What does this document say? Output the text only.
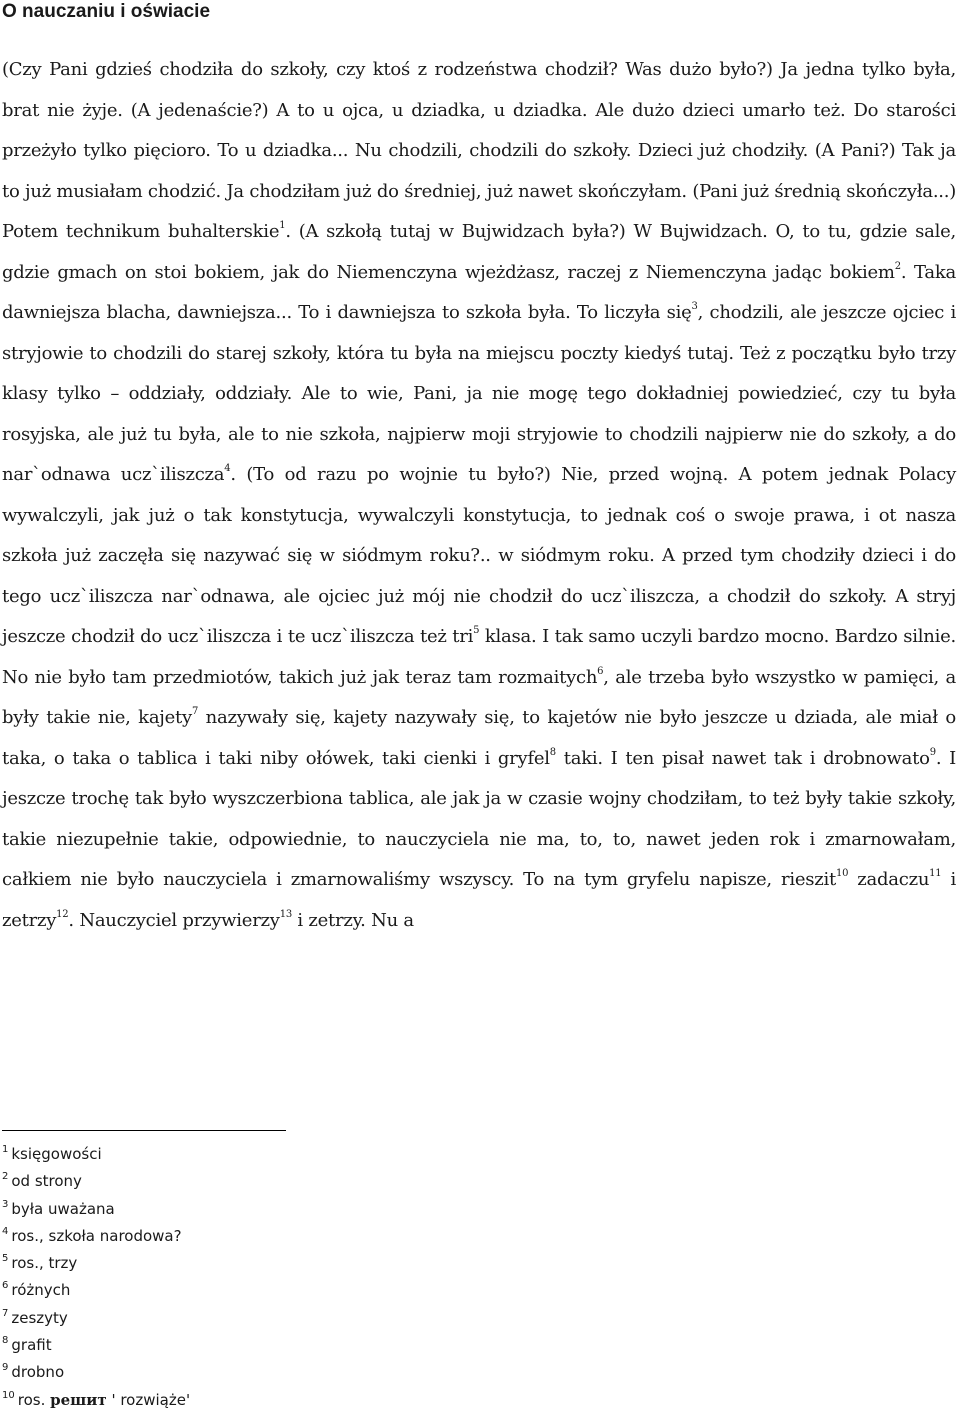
O nauczaniu i oświacie

(Czy Pani gdzieś chodziła do szkoły, czy ktoś z rodzeństwa chodził? Was dużo było?) Ja jedna tylko była, brat nie żyje. (A jedenaście?) A to u ojca, u dziadka, u dziadka. Ale dużo dzieci umarło też. Do starości przeżyło tylko pięcioro. To u dziadka... Nu chodzili, chodzili do szkoły. Dzieci już chodziły. (A Pani?) Tak ja to już musiałam chodzić. Ja chodziłam już do średniej, już nawet skończyłam. (Pani już średnią skończyła...) Potem technikum buhalterskie$^1$. (A szkołą tutaj w Bujwidzach była?) W Bujwidzach. O, to tu, gdzie sale, gdzie gmach on stoi bokiem, jak do Niemenczyna wjeżdżasz, raczej z Niemenczyna jadąc bokiem$^2$. Taka dawniejsza blacha, dawniejsza... To i dawniejsza to szkoła była. To liczyła się$^3$, chodzili, ale jeszcze ojciec i stryjowie to chodzili do starej szkoły, która tu była na miejscu poczty kiedyś tutaj. Też z początku było trzy klasy tylko – oddziały, oddziały. Ale to wie, Pani, ja nie mogę tego dokładniej powiedzieć, czy tu była rosyjska, ale już tu była, ale to nie szkoła, najpierw moji stryjowie to chodzili najpierw nie do szkoły, a do nar`odnawa ucz`iliszcza$^4$. (To od razu po wojnie tu było?) Nie, przed wojną. A potem jednak Polacy wywalczyli, jak już o tak konstytucja, wywalczyli konstytucja, to jednak coś o swoje prawa, i ot nasza szkoła już zaczęła się nazywać się w siódmym roku?.. w siódmym roku. A przed tym chodziły dzieci i do tego ucz`iliszcza nar`odnawa, ale ojciec już mój nie chodził do ucz`iliszcza, a chodził do szkoły. A stryj jeszcze chodził do ucz`iliszcza i te ucz`iliszcza też tri$^5$ klasa. I tak samo uczyli bardzo mocno. Bardzo silnie. No nie było tam przedmiotów, takich już jak teraz tam rozmaitych$^6$, ale trzeba było wszystko w pamięci, a były takie nie, kajety$^7$ nazywały się, kajety nazywały się, to kajetów nie było jeszcze u dziada, ale miał o taka, o taka o tablica i taki niby ołówek, taki cienki i gryfel$^8$ taki. I ten pisał nawet tak i drobnowato$^9$. I jeszcze trochę tak było wyszczerbiona tablica, ale jak ja w czasie wojny chodziłam, to też były takie szkoły, takie niezupełnie takie, odpowiednie, to nauczyciela nie ma, to, to, nawet jeden rok i zmarnowałam, całkiem nie było nauczyciela i zmarnowaliśmy wszyscy. To na tym gryfelu napisze, rieszit$^{10}$ zadaczu$^{11}$ i zetrzy$^{12}$. Nauczyciel przywierzy$^{13}$ i zetrzy. Nu a

$^1$ księgowości
$^2$ od strony
$^3$ była uważana
$^4$ ros., szkoła narodowa?
$^5$ ros., trzy
$^6$ różnych
$^7$ zeszyty
$^8$ grafit
$^9$ drobno
$^{10}$ ros. решит ꞌ rozwiążeꞌ
